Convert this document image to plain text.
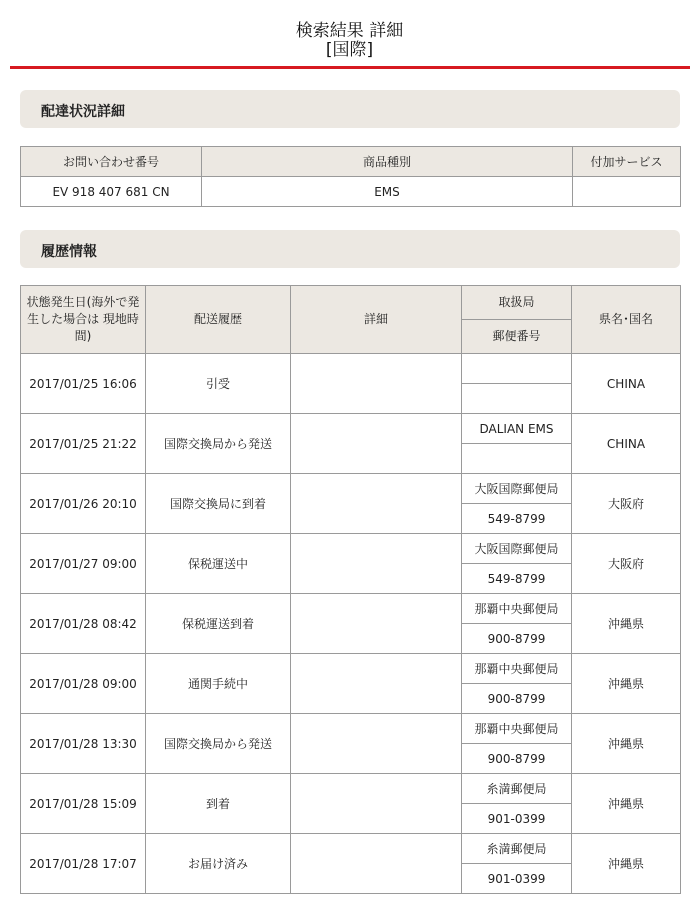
検索結果 詳細
[国際]
配達状況詳細
お問い合わせ番号	商品種別	付加サービス
EV 918 407 681 CN	EMS	
履歴情報
状態発生日(海外で発生した場合は 現地時間)	配送履歴	詳細	取扱局	県名･国名
			郵便番号	
2017/01/25 16:06	引受			CHINA

2017/01/25 21:22	国際交換局から発送		DALIAN EMS	CHINA

2017/01/26 20:10	国際交換局に到着		大阪国際郵便局	大阪府
			549-8799	
2017/01/27 09:00	保税運送中		大阪国際郵便局	大阪府
			549-8799	
2017/01/28 08:42	保税運送到着		那覇中央郵便局	沖縄県
			900-8799	
2017/01/28 09:00	通関手続中		那覇中央郵便局	沖縄県
			900-8799	
2017/01/28 13:30	国際交換局から発送		那覇中央郵便局	沖縄県
			900-8799	
2017/01/28 15:09	到着		糸満郵便局	沖縄県
			901-0399	
2017/01/28 17:07	お届け済み		糸満郵便局	沖縄県
			901-0399	
